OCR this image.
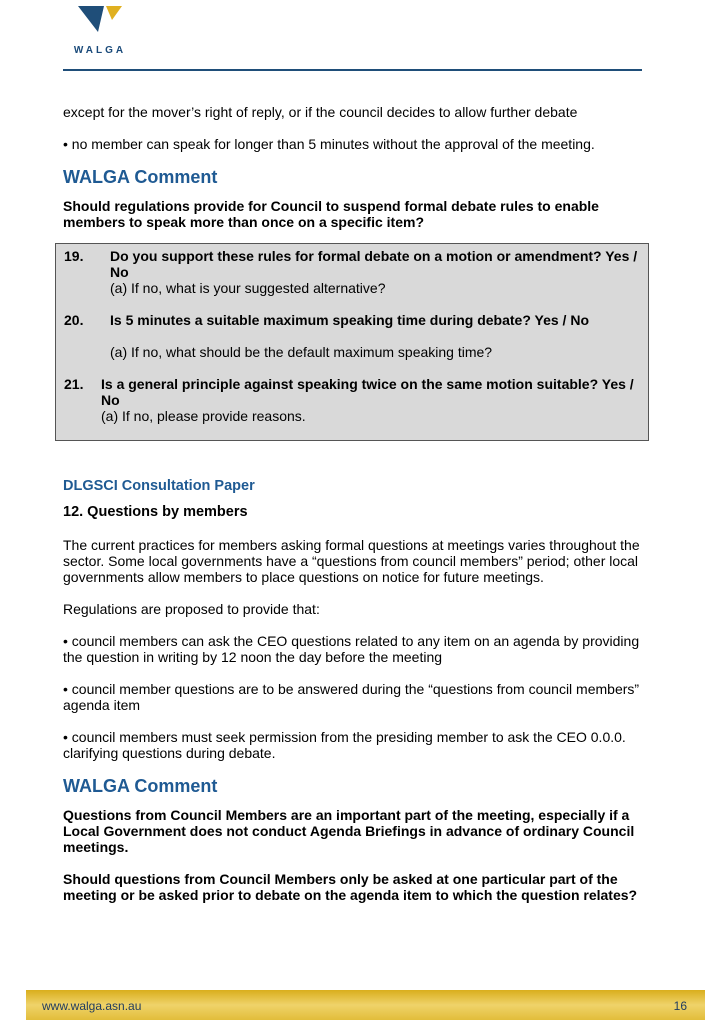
WALGA

except for the mover’s right of reply, or if the council decides to allow further debate

• no member can speak for longer than 5 minutes without the approval of the meeting.

WALGA Comment

Should regulations provide for Council to suspend formal debate rules to enable members to speak more than once on a specific item?

19.	Do you support these rules for formal debate on a motion or amendment? Yes / No
(a) If no, what is your suggested alternative?
20.	Is 5 minutes a suitable maximum speaking time during debate? Yes / No
(a) If no, what should be the default maximum speaking time?
21.	Is a general principle against speaking twice on the same motion suitable? Yes / No
(a) If no, please provide reasons.
DLGSCI Consultation Paper
12. Questions by members

The current practices for members asking formal questions at meetings varies throughout the sector. Some local governments have a “questions from council members” period; other local governments allow members to place questions on notice for future meetings.

Regulations are proposed to provide that:

• council members can ask the CEO questions related to any item on an agenda by providing the question in writing by 12 noon the day before the meeting

• council member questions are to be answered during the “questions from council members” agenda item

• council members must seek permission from the presiding member to ask the CEO 0.0.0. clarifying questions during debate.

WALGA Comment

Questions from Council Members are an important part of the meeting, especially if a Local Government does not conduct Agenda Briefings in advance of ordinary Council meetings.

Should questions from Council Members only be asked at one particular part of the meeting or be asked prior to debate on the agenda item to which the question relates?

www.walga.asn.au	16
